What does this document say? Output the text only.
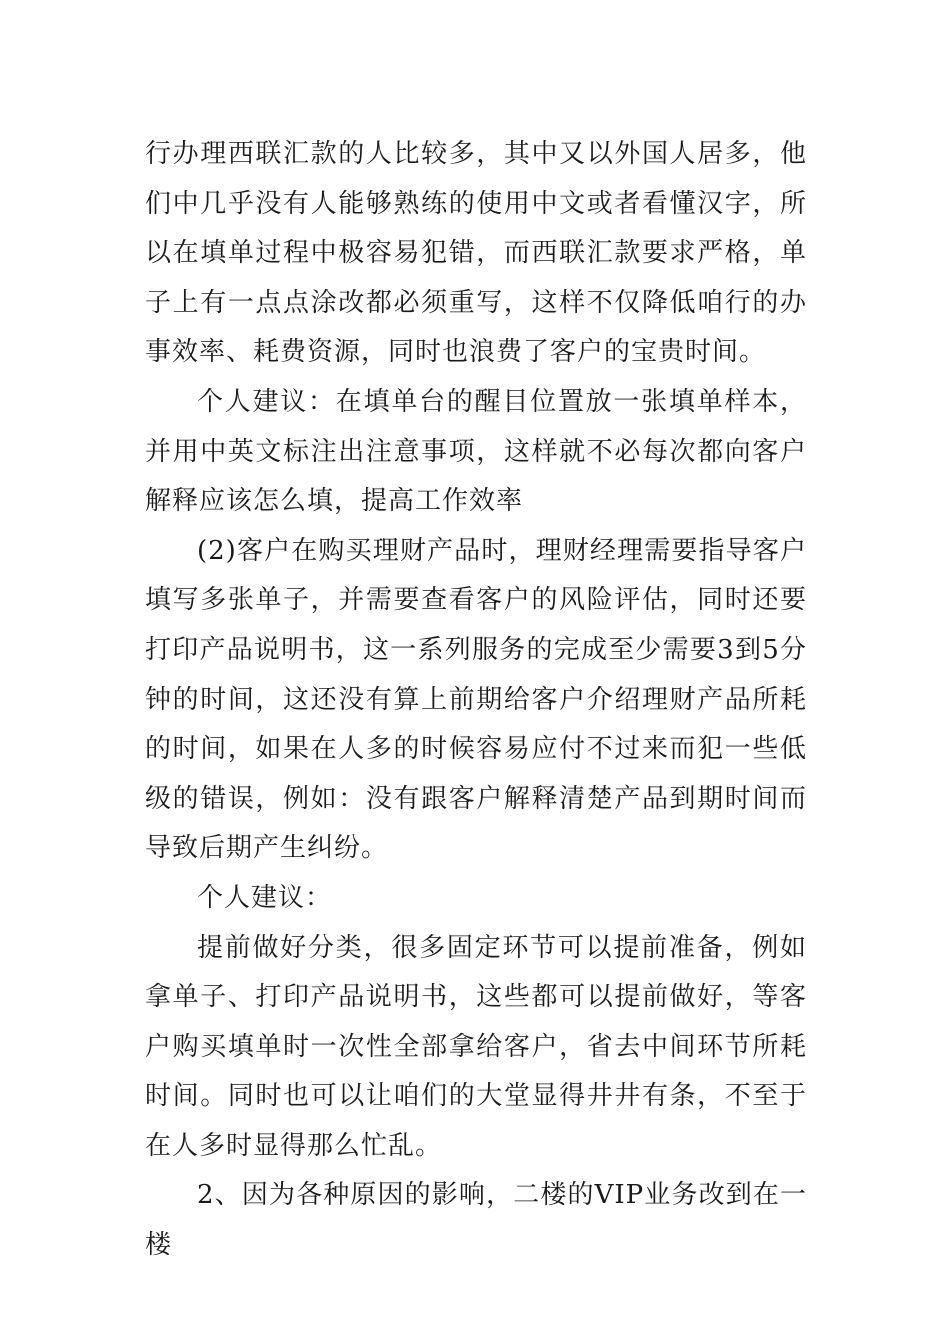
行办理西联汇款的人比较多，其中又以外国人居多，他们中几乎没有人能够熟练的使用中文或者看懂汉字，所以在填单过程中极容易犯错，而西联汇款要求严格，单子上有一点点涂改都必须重写，这样不仅降低咱行的办事效率、耗费资源，同时也浪费了客户的宝贵时间。

个人建议：在填单台的醒目位置放一张填单样本，并用中英文标注出注意事项，这样就不必每次都向客户解释应该怎么填，提高工作效率

(2)客户在购买理财产品时，理财经理需要指导客户填写多张单子，并需要查看客户的风险评估，同时还要打印产品说明书，这一系列服务的完成至少需要3到5分钟的时间，这还没有算上前期给客户介绍理财产品所耗的时间，如果在人多的时候容易应付不过来而犯一些低级的错误，例如：没有跟客户解释清楚产品到期时间而导致后期产生纠纷。

个人建议：

提前做好分类，很多固定环节可以提前准备，例如拿单子、打印产品说明书，这些都可以提前做好，等客户购买填单时一次性全部拿给客户，省去中间环节所耗时间。同时也可以让咱们的大堂显得井井有条，不至于在人多时显得那么忙乱。

2、因为各种原因的影响，二楼的VIP业务改到在一楼
